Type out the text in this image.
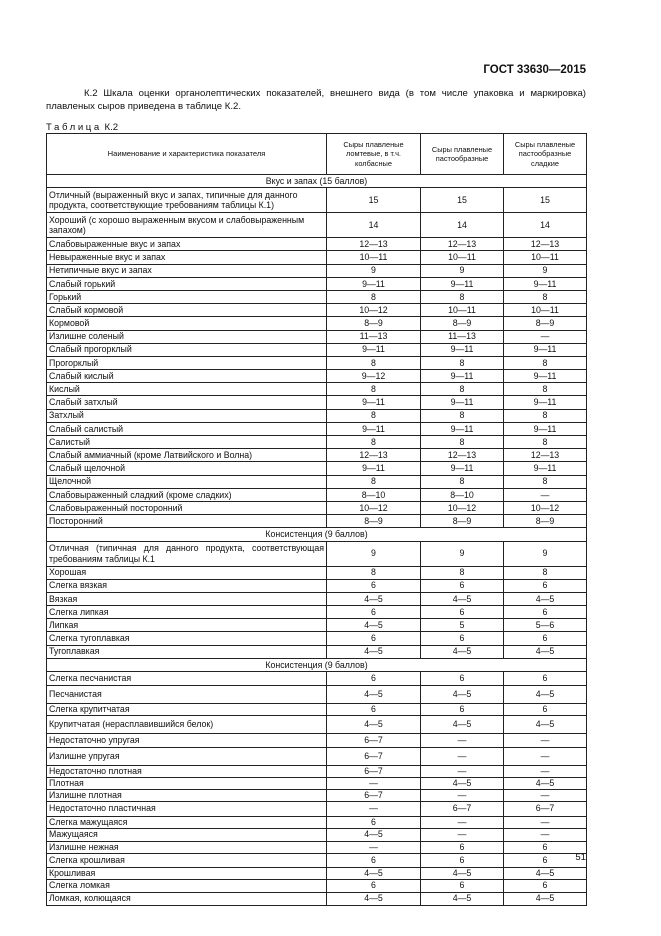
ГОСТ 33630—2015

К.2 Шкала оценки органолептических показателей, внешнего вида (в том числе упаковка и маркировка) плавленых сыров приведена в таблице К.2.

Таблица К.2
Наименование и характеристика показателя	Сыры плавленые ломтевые, в т.ч. колбасные	Сыры плавленые пастообразные	Сыры плавленые пастообразные сладкие
Вкус и запах (15 баллов)			
Отличный (выраженный вкус и запах, типичные для данного продукта, соответствующие требованиям таблицы К.1)	15	15	15
Хороший (с хорошо выраженным вкусом и слабовыраженным запахом)	14	14	14
Слабовыраженные вкус и запах	12—13	12—13	12—13
Невыраженные вкус и запах	10—11	10—11	10—11
Нетипичные вкус и запах	9	9	9
Слабый горький	9—11	9—11	9—11
Горький	8	8	8
Слабый кормовой	10—12	10—11	10—11
Кормовой	8—9	8—9	8—9
Излишне соленый	11—13	11—13	—
Слабый прогорклый	9—11	9—11	9—11
Прогорклый	8	8	8
Слабый кислый	9—12	9—11	9—11
Кислый	8	8	8
Слабый затхлый	9—11	9—11	9—11
Затхлый	8	8	8
Слабый салистый	9—11	9—11	9—11
Салистый	8	8	8
Слабый аммиачный (кроме Латвийского и Волна)	12—13	12—13	12—13
Слабый щелочной	9—11	9—11	9—11
Щелочной	8	8	8
Слабовыраженный сладкий (кроме сладких)	8—10	8—10	—
Слабовыраженный посторонний	10—12	10—12	10—12
Посторонний	8—9	8—9	8—9
Консистенция (9 баллов)			
Отличная (типичная для данного продукта, соответствующая требованиям таблицы К.1	9	9	9
Хорошая	8	8	8
Слегка вязкая	6	6	6
Вязкая	4—5	4—5	4—5
Слегка липкая	6	6	6
Липкая	4—5	5	5—6
Слегка тугоплавкая	6	6	6
Тугоплавкая	4—5	4—5	4—5
Консистенция (9 баллов)			
Слегка песчанистая	6	6	6
Песчанистая	4—5	4—5	4—5
Слегка крупитчатая	6	6	6
Крупитчатая (нерасплавившийся белок)	4—5	4—5	4—5
Недостаточно упругая	6—7	—	—
Излишне упругая	6—7	—	—
Недостаточно плотная	6—7	—	—
Плотная	—	4—5	4—5
Излишне плотная	6—7	—	—
Недостаточно пластичная	—	6—7	6—7
Слегка мажущаяся	6	—	—
Мажущаяся	4—5	—	—
Излишне нежная	—	6	6
Слегка крошливая	6	6	6
Крошливая	4—5	4—5	4—5
Слегка ломкая	6	6	6
Ломкая, колющаяся	4—5	4—5	4—5
51
